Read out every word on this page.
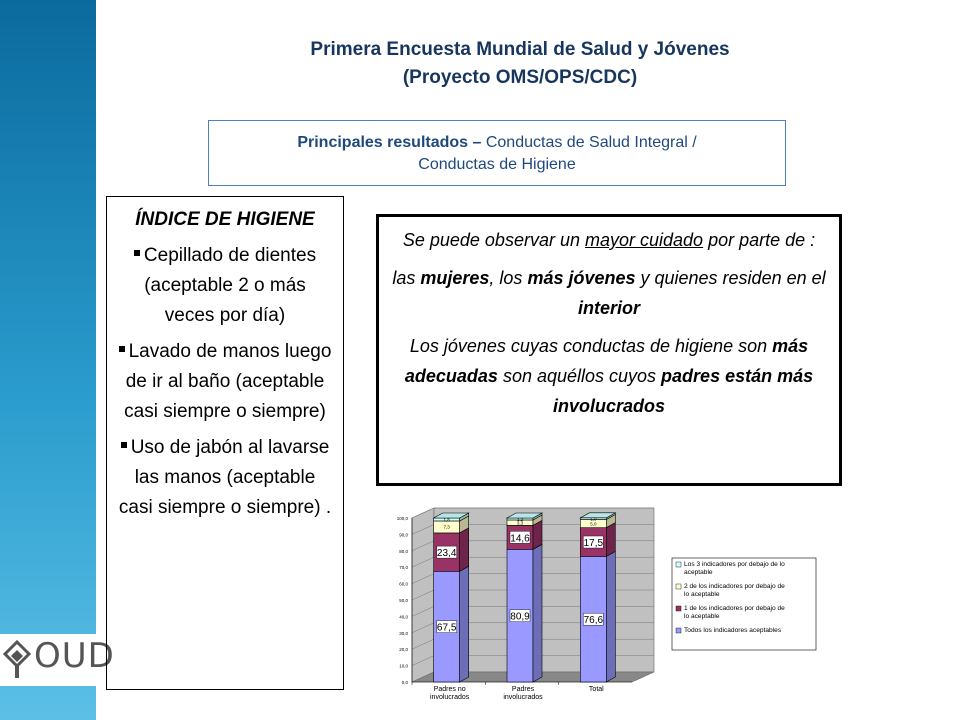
OUD
Primera Encuesta Mundial de Salud y Jóvenes
(Proyecto OMS/OPS/CDC)
Principales resultados – Conductas de Salud Integral /
Conductas de Higiene
ÍNDICE DE HIGIENE
Cepillado de dientes (aceptable 2 o más veces por día)
Lavado de manos luego de ir al baño (aceptable casi siempre o siempre)
Uso de jabón al lavarse las manos (aceptable casi siempre o siempre) .

Se puede observar un mayor cuidado por parte de :

las mujeres, los más jóvenes y quienes residen en el interior

Los jóvenes cuyas conductas de higiene son más adecuadas son aquéllos cuyos padres están más involucrados

0,0
10,0
20,0
30,0
40,0
50,0
60,0
70,0
80,0
90,0
100,0
67,5
23,4
7,3
1,8
Padres no
involucrados
80,9
14,6
3,3
1,2
Padres
involucrados
76,6
17,5
5,0
1,0
Total
Los 3 indicadores por debajo de lo
aceptable
2 de los indicadores por debajo de
lo aceptable
1 de los indicadores por debajo de
lo aceptable
Todos los indicadores aceptables
